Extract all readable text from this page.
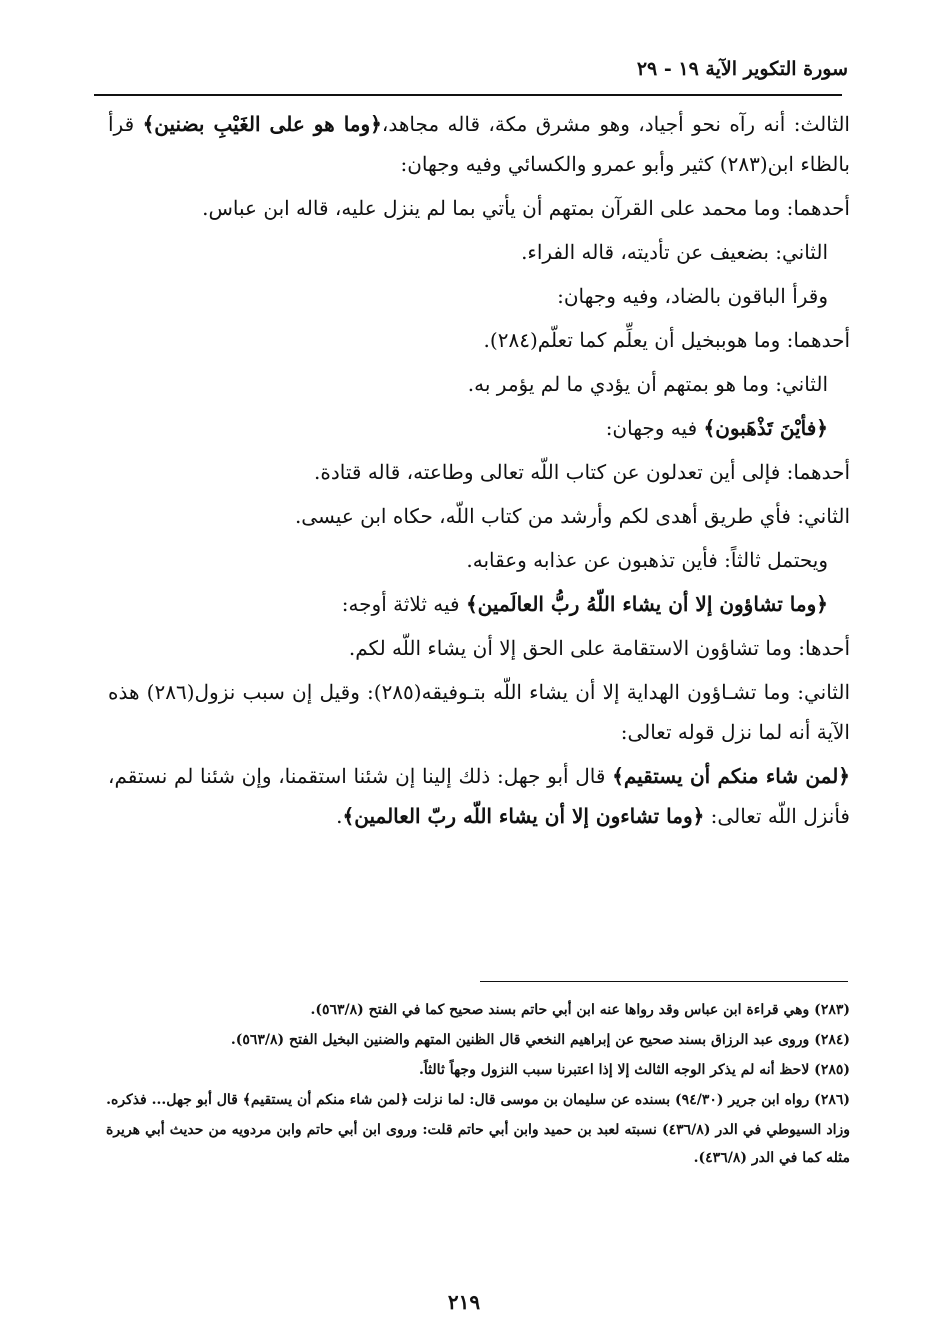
سورة التكوير الآية ١٩ - ٢٩

الثالث: أنه رآه نحو أجياد، وهو مشرق مكة، قاله مجاهد،﴿وما هو على الغَيْبِ بضنين﴾ قرأ بالظاء ابن(٢٨٣) كثير وأبو عمرو والكسائي وفيه وجهان:

أحدهما: وما محمد على القرآن بمتهم أن يأتي بما لم ينزل عليه، قاله ابن عباس.

الثاني: بضعيف عن تأديته، قاله الفراء.

وقرأ الباقون بالضاد، وفيه وجهان:

أحدهما: وما هوببخيل أن يعلِّم كما تعلّم(٢٨٤).

الثاني: وما هو بمتهم أن يؤدي ما لم يؤمر به.

﴿فأيْنَ تَذْهَبون﴾ فيه وجهان:

أحدهما: فإلى أين تعدلون عن كتاب اللّه تعالى وطاعته، قاله قتادة.

الثاني: فأي طريق أهدى لكم وأرشد من كتاب اللّه، حكاه ابن عيسى.

ويحتمل ثالثاً: فأين تذهبون عن عذابه وعقابه.

﴿وما تشاؤون إلا أن يشاء اللّهُ ربُّ العالَمين﴾ فيه ثلاثة أوجه:

أحدها: وما تشاؤون الاستقامة على الحق إلا أن يشاء اللّه لكم.

الثاني: وما تشـاؤون الهداية إلا أن يشاء اللّه بتـوفيقه(٢٨٥): وقيل إن سبب نزول(٢٨٦) هذه الآية أنه لما نزل قوله تعالى:

﴿لمن شاء منكم أن يستقيم﴾ قال أبو جهل: ذلك إلينا إن شئنا استقمنا، وإن شئنا لم نستقم، فأنزل اللّه تعالى: ﴿وما تشاءون إلا أن يشاء اللّه ربّ العالمين﴾.

(٢٨٣) وهي قراءة ابن عباس وقد رواها عنه ابن أبي حاتم بسند صحيح كما في الفتح (٥٦٣/٨).

(٢٨٤) وروى عبد الرزاق بسند صحيح عن إبراهيم النخعي قال الظنين المتهم والضنين البخيل الفتح (٥٦٣/٨).

(٢٨٥) لاحظ أنه لم يذكر الوجه الثالث إلا إذا اعتبرنا سبب النزول وجهاً ثالثاً.

(٢٨٦) رواه ابن جرير (٩٤/٣٠) بسنده عن سليمان بن موسى قال: لما نزلت ﴿لمن شاء منكم أن يستقيم﴾ قال أبو جهل... فذكره.

وزاد السيوطي في الدر (٤٣٦/٨) نسبته لعبد بن حميد وابن أبي حاتم قلت: وروى ابن أبي حاتم وابن مردويه من حديث أبي هريرة مثله كما في الدر (٤٣٦/٨).

٢١٩
